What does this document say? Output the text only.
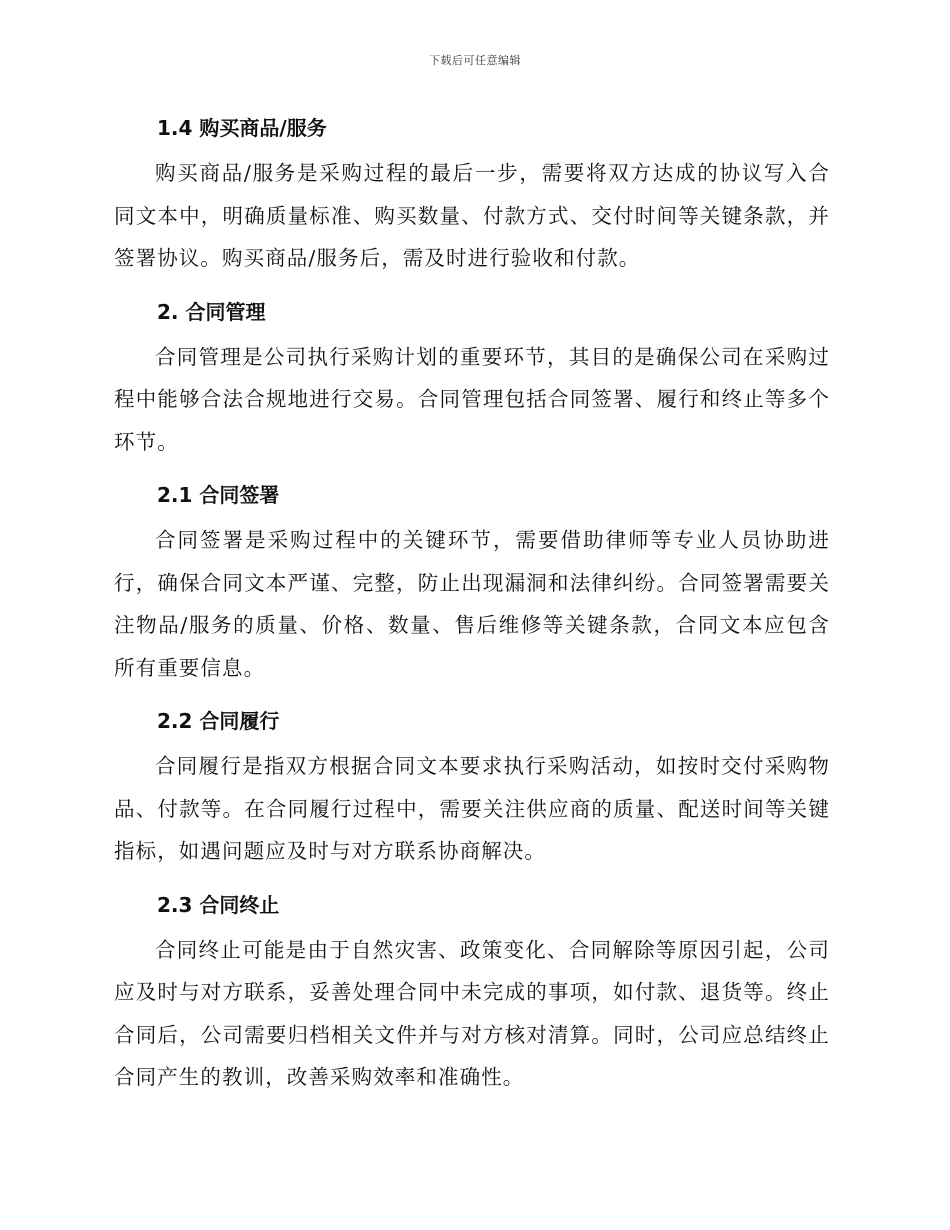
下载后可任意编辑
1.4 购买商品/服务

购买商品/服务是采购过程的最后一步，需要将双方达成的协议写入合同文本中，明确质量标准、购买数量、付款方式、交付时间等关键条款，并签署协议。购买商品/服务后，需及时进行验收和付款。

2. 合同管理

合同管理是公司执行采购计划的重要环节，其目的是确保公司在采购过程中能够合法合规地进行交易。合同管理包括合同签署、履行和终止等多个环节。

2.1 合同签署

合同签署是采购过程中的关键环节，需要借助律师等专业人员协助进行，确保合同文本严谨、完整，防止出现漏洞和法律纠纷。合同签署需要关注物品/服务的质量、价格、数量、售后维修等关键条款，合同文本应包含所有重要信息。

2.2 合同履行

合同履行是指双方根据合同文本要求执行采购活动，如按时交付采购物品、付款等。在合同履行过程中，需要关注供应商的质量、配送时间等关键指标，如遇问题应及时与对方联系协商解决。

2.3 合同终止

合同终止可能是由于自然灾害、政策变化、合同解除等原因引起，公司应及时与对方联系，妥善处理合同中未完成的事项，如付款、退货等。终止合同后，公司需要归档相关文件并与对方核对清算。同时，公司应总结终止合同产生的教训，改善采购效率和准确性。
